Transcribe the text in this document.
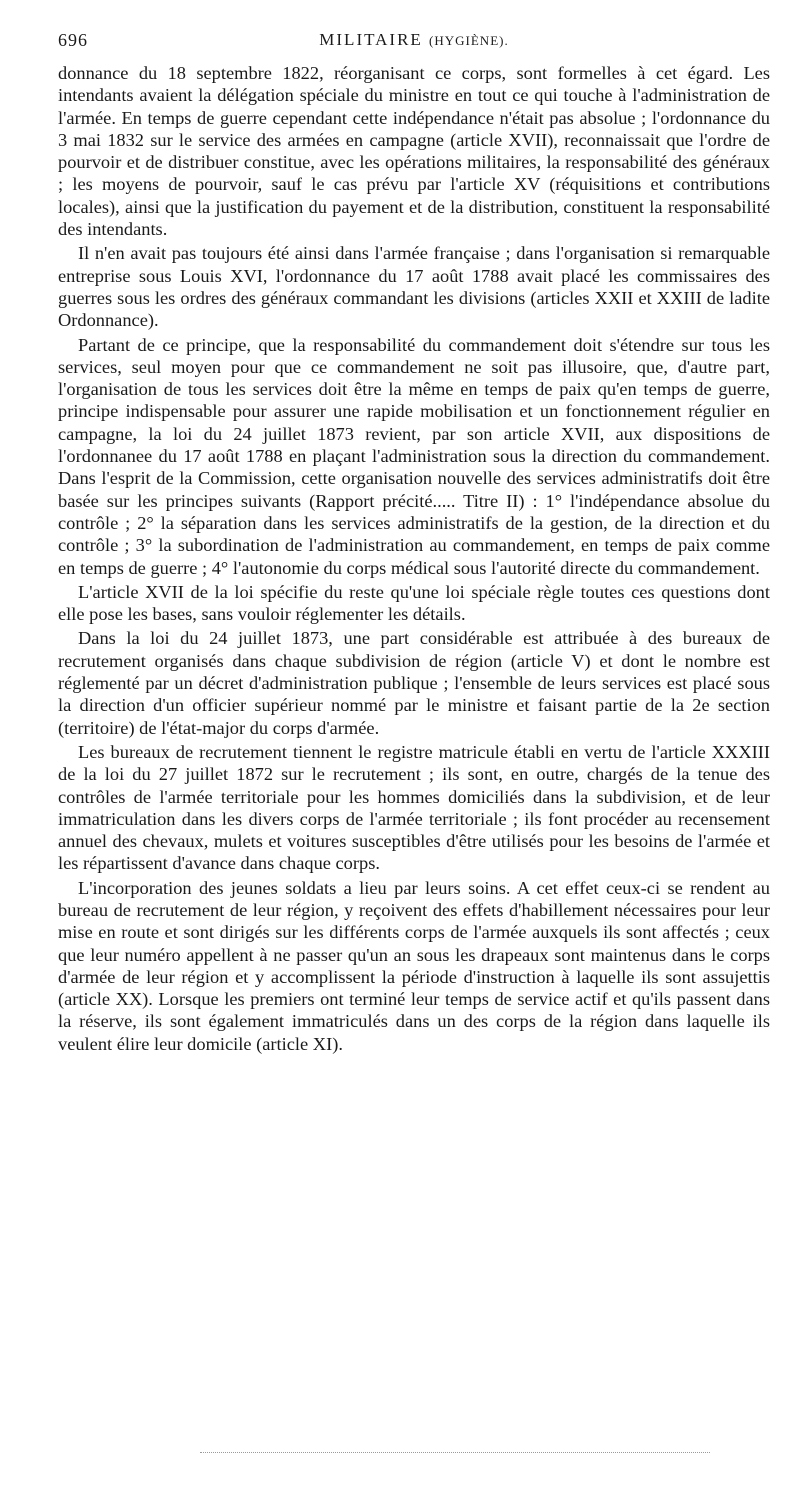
696	MILITAIRE (HYGIÈNE).

donnance du 18 septembre 1822, réorganisant ce corps, sont formelles à cet égard. Les intendants avaient la délégation spéciale du ministre en tout ce qui touche à l'administration de l'armée. En temps de guerre cependant cette indépendance n'était pas absolue ; l'ordonnance du 3 mai 1832 sur le service des armées en campagne (article XVII), reconnaissait que l'ordre de pourvoir et de distribuer constitue, avec les opérations militaires, la responsabilité des généraux ; les moyens de pourvoir, sauf le cas prévu par l'article XV (réquisitions et contributions locales), ainsi que la justification du payement et de la distribution, constituent la responsabilité des intendants.

Il n'en avait pas toujours été ainsi dans l'armée française ; dans l'organisation si remarquable entreprise sous Louis XVI, l'ordonnance du 17 août 1788 avait placé les commissaires des guerres sous les ordres des généraux commandant les divisions (articles XXII et XXIII de ladite Ordonnance).

Partant de ce principe, que la responsabilité du commandement doit s'étendre sur tous les services, seul moyen pour que ce commandement ne soit pas illusoire, que, d'autre part, l'organisation de tous les services doit être la même en temps de paix qu'en temps de guerre, principe indispensable pour assurer une rapide mobilisation et un fonctionnement régulier en campagne, la loi du 24 juillet 1873 revient, par son article XVII, aux dispositions de l'ordonnanee du 17 août 1788 en plaçant l'administration sous la direction du commandement. Dans l'esprit de la Commission, cette organisation nouvelle des services administratifs doit être basée sur les principes suivants (Rapport précité..... Titre II) : 1° l'indépendance absolue du contrôle ; 2° la séparation dans les services administratifs de la gestion, de la direction et du contrôle ; 3° la subordination de l'administration au commandement, en temps de paix comme en temps de guerre ; 4° l'autonomie du corps médical sous l'autorité directe du commandement.

L'article XVII de la loi spécifie du reste qu'une loi spéciale règle toutes ces questions dont elle pose les bases, sans vouloir réglementer les détails.

Dans la loi du 24 juillet 1873, une part considérable est attribuée à des bureaux de recrutement organisés dans chaque subdivision de région (article V) et dont le nombre est réglementé par un décret d'administration publique ; l'ensemble de leurs services est placé sous la direction d'un officier supérieur nommé par le ministre et faisant partie de la 2e section (territoire) de l'état-major du corps d'armée.

Les bureaux de recrutement tiennent le registre matricule établi en vertu de l'article XXXIII de la loi du 27 juillet 1872 sur le recrutement ; ils sont, en outre, chargés de la tenue des contrôles de l'armée territoriale pour les hommes domiciliés dans la subdivision, et de leur immatriculation dans les divers corps de l'armée territoriale ; ils font procéder au recensement annuel des chevaux, mulets et voitures susceptibles d'être utilisés pour les besoins de l'armée et les répartissent d'avance dans chaque corps.

L'incorporation des jeunes soldats a lieu par leurs soins. A cet effet ceux-ci se rendent au bureau de recrutement de leur région, y reçoivent des effets d'habillement nécessaires pour leur mise en route et sont dirigés sur les différents corps de l'armée auxquels ils sont affectés ; ceux que leur numéro appellent à ne passer qu'un an sous les drapeaux sont maintenus dans le corps d'armée de leur région et y accomplissent la période d'instruction à laquelle ils sont assujettis (article XX). Lorsque les premiers ont terminé leur temps de service actif et qu'ils passent dans la réserve, ils sont également immatriculés dans un des corps de la région dans laquelle ils veulent élire leur domicile (article XI).
